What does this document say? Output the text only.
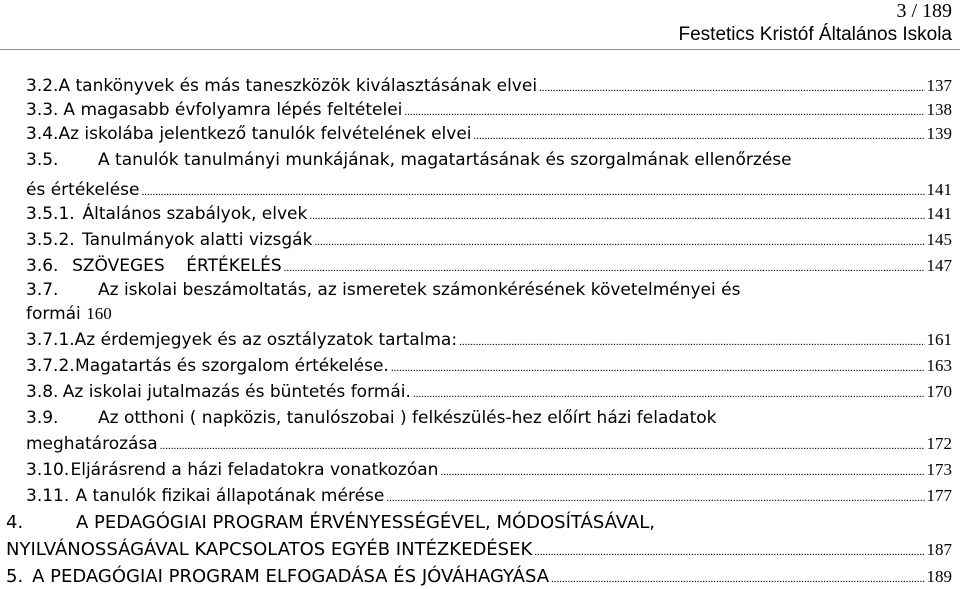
3 / 189
Festetics Kristóf Általános Iskola
3.2. A tankönyvek és más taneszközök kiválasztásának elvei .....	137
3.3. A magasabb évfolyamra lépés feltételei .....	138
3.4. Az iskolába jelentkező tanulók felvételének elvei .....	139
3.5. A tanulók tanulmányi munkájának, magatartásának és szorgalmának ellenőrzése
és értékelése .....	141
3.5.1. Általános szabályok, elvek .....	141
3.5.2. Tanulmányok alatti vizsgák .....	145
3.6. SZÖVEGES    ÉRTÉKELÉS .....	147
3.7. Az iskolai beszámoltatás, az ismeretek számonkérésének követelményei és
formái 160
3.7.1. Az érdemjegyek és az osztályzatok tartalma: .....	161
3.7.2. Magatartás és szorgalom értékelése. .....	163
3.8. Az iskolai jutalmazás és büntetés formái. .....	170
3.9. Az otthoni ( napközis, tanulószobai ) felkészülés-hez előírt házi feladatok
meghatározása .....	172
3.10. Eljárásrend a házi feladatokra vonatkozóan .....	173
3.11. A tanulók fizikai állapotának mérése .....	177
4.	A PEDAGÓGIAI PROGRAM ÉRVÉNYESSÉGÉVEL, MÓDOSÍTÁSÁVAL,
NYILVÁNOSSÁGÁVAL KAPCSOLATOS EGYÉB INTÉZKEDÉSEK .....	187
5. A PEDAGÓGIAI PROGRAM ELFOGADÁSA ÉS JÓVÁHAGYÁSA .....	189
